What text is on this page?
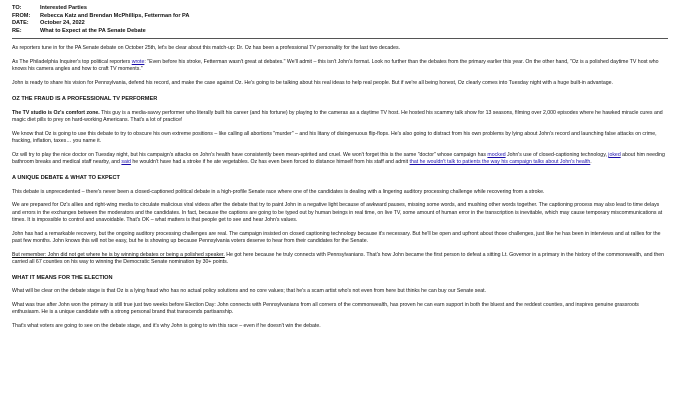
TO:	Interested Parties
FROM:	Rebecca Katz and Brendan McPhillips, Fetterman for PA
DATE:	October 24, 2022
RE:	What to Expect at the PA Senate Debate

As reporters tune in for the PA Senate debate on October 25th, let's be clear about this match-up: Dr. Oz has been a professional TV personality for the last two decades.

As The Philadelphia Inquirer's top political reporters wrote: "Even before his stroke, Fetterman wasn't great at debates." We'll admit – this isn't John's format. Look no further than the debates from the primary earlier this year. On the other hand, "Oz is a polished daytime TV host who knows his camera angles and how to craft TV moments."

John is ready to share his vision for Pennsylvania, defend his record, and make the case against Oz. He's going to be talking about his real ideas to help real people. But if we're all being honest, Oz clearly comes into Tuesday night with a huge built-in advantage.

OZ THE FRAUD IS A PROFESSIONAL TV PERFORMER

The TV studio is Oz's comfort zone. This guy is a media-savvy performer who literally built his career (and his fortune) by playing to the cameras as a daytime TV host. He hosted his scammy talk show for 13 seasons, filming over 2,000 episodes where he hawked miracle cures and magic diet pills to prey on hard-working Americans. That's a lot of practice!

We know that Oz is going to use this debate to try to obscure his own extreme positions – like calling all abortions "murder" – and his litany of disingenuous flip-flops. He's also going to distract from his own problems by lying about John's record and launching false attacks on crime, fracking, inflation, taxes… you name it.

Oz will try to play the nice doctor on Tuesday night, but his campaign's attacks on John's health have consistently been mean-spirited and cruel. We won't forget this is the same "doctor" whose campaign has mocked John's use of closed-captioning technology, joked about him needing bathroom breaks and medical staff nearby, and said he wouldn't have had a stroke if he ate vegetables. Oz has even been forced to distance himself from his staff and admit that he wouldn't talk to patients the way his campaign talks about John's health.

A UNIQUE DEBATE & WHAT TO EXPECT

This debate is unprecedented – there's never been a closed-captioned political debate in a high-profile Senate race where one of the candidates is dealing with a lingering auditory processing challenge while recovering from a stroke.

We are prepared for Oz's allies and right-wing media to circulate malicious viral videos after the debate that try to paint John in a negative light because of awkward pauses, missing some words, and mushing other words together. The captioning process may also lead to time delays and errors in the exchanges between the moderators and the candidates. In fact, because the captions are going to be typed out by human beings in real time, on live TV, some amount of human error in the transcription is inevitable, which may cause temporary miscommunications at times. It is impossible to control and unavoidable. That's OK – what matters is that people get to see and hear John's values.

John has had a remarkable recovery, but the ongoing auditory processing challenges are real. The campaign insisted on closed captioning technology because it's necessary. But he'll be open and upfront about those challenges, just like he has been in interviews and at rallies for the past few months. John knows this will not be easy, but he is showing up because Pennsylvania voters deserve to hear from their candidates for the Senate.

But remember: John did not get where he is by winning debates or being a polished speaker. He got here because he truly connects with Pennsylvanians. That's how John became the first person to defeat a sitting Lt. Governor in a primary in the history of the commonwealth, and then carried all 67 counties on his way to winning the Democratic Senate nomination by 30+ points.

WHAT IT MEANS FOR THE ELECTION

What will be clear on the debate stage is that Oz is a lying fraud who has no actual policy solutions and no core values; that he's a scam artist who's not even from here but thinks he can buy our Senate seat.

What was true after John won the primary is still true just two weeks before Election Day: John connects with Pennsylvanians from all corners of the commonwealth, has proven he can earn support in both the bluest and the reddest counties, and inspires genuine grassroots enthusiasm. He is a unique candidate with a strong personal brand that transcends partisanship.

That's what voters are going to see on the debate stage, and it's why John is going to win this race – even if he doesn't win the debate.
